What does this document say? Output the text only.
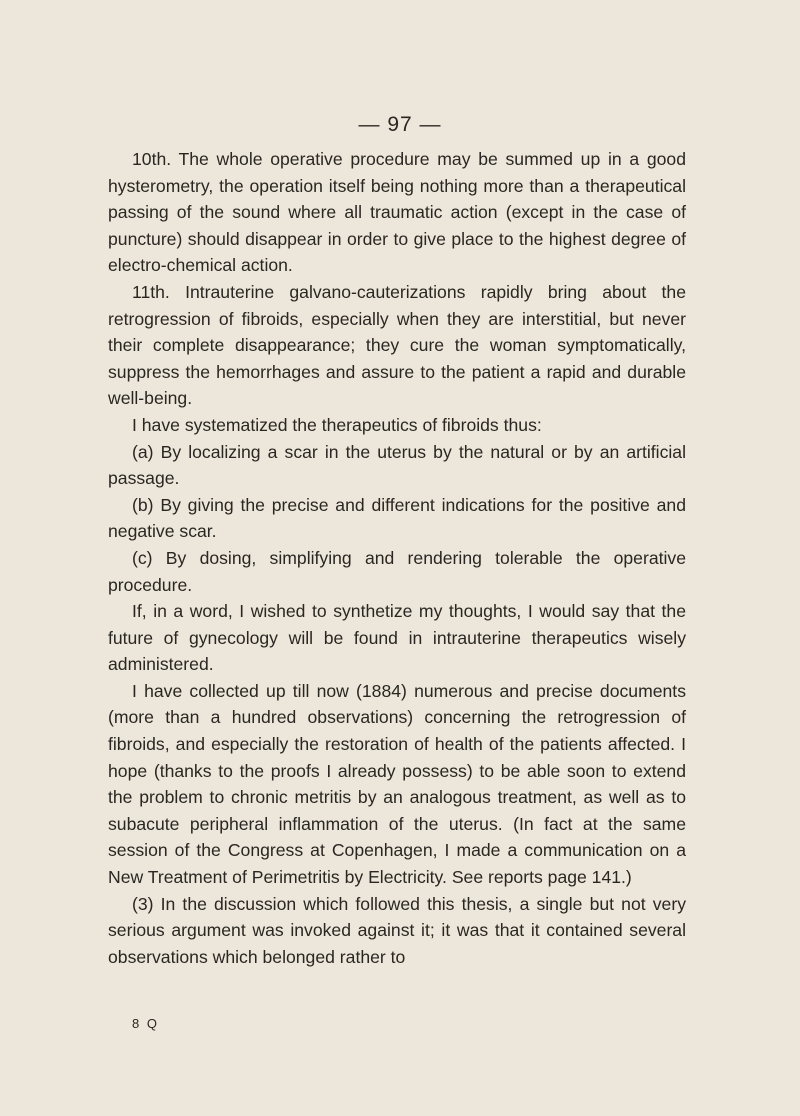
— 97 —

10th. The whole operative procedure may be summed up in a good hysterometry, the operation itself being nothing more than a therapeutical passing of the sound where all traumatic action (except in the case of puncture) should disappear in order to give place to the highest degree of electro-chemical action.

11th. Intrauterine galvano-cauterizations rapidly bring about the retrogression of fibroids, especially when they are interstitial, but never their complete disappearance; they cure the woman symptomatically, suppress the hemorrhages and assure to the patient a rapid and durable well-being.

I have systematized the therapeutics of fibroids thus:

(a) By localizing a scar in the uterus by the natural or by an artificial passage.

(b) By giving the precise and different indications for the positive and negative scar.

(c) By dosing, simplifying and rendering tolerable the operative procedure.

If, in a word, I wished to synthetize my thoughts, I would say that the future of gynecology will be found in intrauterine therapeutics wisely administered.

I have collected up till now (1884) numerous and precise documents (more than a hundred observations) concerning the retrogression of fibroids, and especially the restoration of health of the patients affected. I hope (thanks to the proofs I already possess) to be able soon to extend the problem to chronic metritis by an analogous treatment, as well as to subacute peripheral inflammation of the uterus. (In fact at the same session of the Congress at Copenhagen, I made a communication on a New Treatment of Perimetritis by Electricity. See reports page 141.)

(3) In the discussion which followed this thesis, a single but not very serious argument was invoked against it; it was that it contained several observations which belonged rather to

8 Q
